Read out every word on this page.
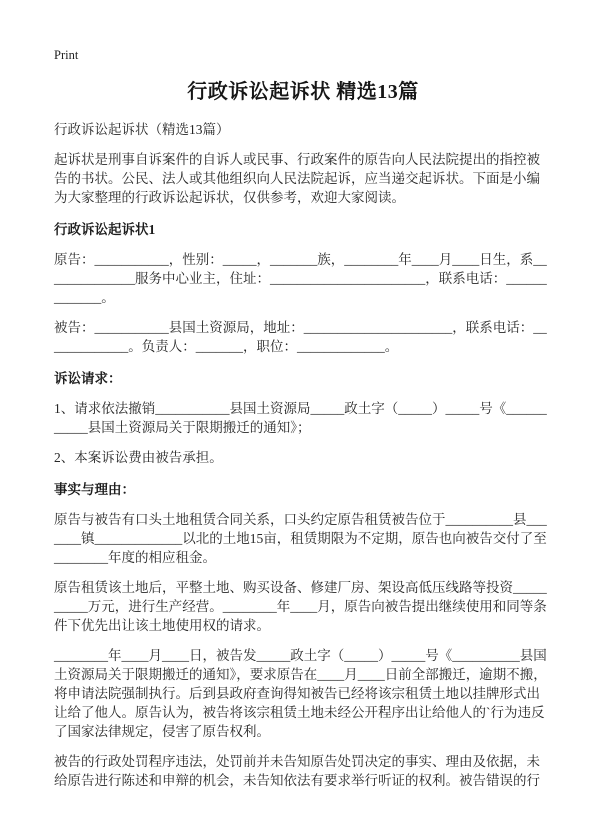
Print

行政诉讼起诉状 精选13篇

行政诉讼起诉状（精选13篇）

起诉状是刑事自诉案件的自诉人或民事、行政案件的原告向人民法院提出的指控被告的书状。公民、法人或其他组织向人民法院起诉，应当递交起诉状。下面是小编为大家整理的行政诉讼起诉状，仅供参考，欢迎大家阅读。

行政诉讼起诉状1

原告：___________，性别：_____，_______族，________年____月____日生，系______________服务中心业主，住址：_______________________，联系电话：_____________。

被告：___________县国土资源局，地址：______________________，联系电话：_____________。负责人：_______，职位：_____________。

诉讼请求：

1、请求依法撤销___________县国土资源局_____政土字（_____）_____号《___________县国土资源局关于限期搬迁的通知》；

2、本案诉讼费由被告承担。

事实与理由：

原告与被告有口头土地租赁合同关系，口头约定原告租赁被告位于__________县_______镇_____________以北的土地15亩，租赁期限为不定期，原告也向被告交付了至________年度的相应租金。

原告租赁该土地后，平整土地、购买设备、修建厂房、架设高低压线路等投资__________万元，进行生产经营。________年____月，原告向被告提出继续使用和同等条件下优先出让该土地使用权的请求。

________年____月____日，被告发_____政土字（_____）_____号《__________县国土资源局关于限期搬迁的通知》，要求原告在____月____日前全部搬迁，逾期不搬，将申请法院强制执行。后到县政府查询得知被告已经将该宗租赁土地以挂牌形式出让给了他人。原告认为，被告将该宗租赁土地未经公开程序出让给他人的`行为违反了国家法律规定，侵害了原告权利。

被告的行政处罚程序违法，处罚前并未告知原告处罚决定的事实、理由及依据，未给原告进行陈述和申辩的机会，未告知依法有要求举行听证的权利。被告错误的行
